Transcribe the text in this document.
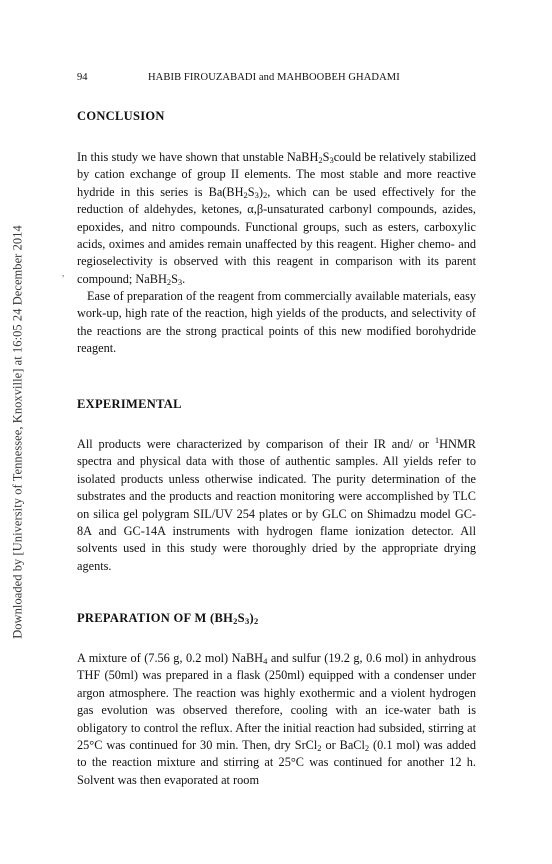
Downloaded by [University of Tennessee, Knoxville] at 16:05 24 December 2014
94	HABIB FIROUZABADI and MAHBOOBEH GHADAMI
CONCLUSION

In this study we have shown that unstable $NaBH_2S_3could$ be relatively stabilized by cation exchange of group II elements. The most stable and more reactive hydride in this series is $Ba(BH_2S_3)_2$, which can be used effectively for the reduction of aldehydes, ketones, α,β-unsaturated carbonyl compounds, azides, epoxides, and nitro compounds. Functional groups, such as esters, carboxylic acids, oximes and amides remain unaffected by this reagent. Higher chemo- and regioselectivity is observed with this reagent in comparison with its parent compound; $NaBH_2S_3$.

,

Ease of preparation of the reagent from commercially available materials, easy work-up, high rate of the reaction, high yields of the products, and selectivity of the reactions are the strong practical points of this new modified borohydride reagent.

EXPERIMENTAL

All products were characterized by comparison of their IR and/ or $^1$HNMR spectra and physical data with those of authentic samples. All yields refer to isolated products unless otherwise indicated. The purity determination of the substrates and the products and reaction monitoring were accomplished by TLC on silica gel polygram SIL/UV 254 plates or by GLC on Shimadzu model GC-8A and GC-14A instruments with hydrogen flame ionization detector. All solvents used in this study were thoroughly dried by the appropriate drying agents.

PREPARATION OF M $(BH_2S_3)_2$

A mixture of (7.56 g, 0.2 mol) NaBH$_4$ and sulfur (19.2 g, 0.6 mol) in anhydrous THF (50ml) was prepared in a flask (250ml) equipped with a condenser under argon atmosphere. The reaction was highly exothermic and a violent hydrogen gas evolution was observed therefore, cooling with an ice-water bath is obligatory to control the reflux. After the initial reaction had subsided, stirring at 25°C was continued for 30 min. Then, dry SrCl$_2$ or BaCl$_2$ (0.1 mol) was added to the reaction mixture and stirring at 25°C was continued for another 12 h. Solvent was then evaporated at room
